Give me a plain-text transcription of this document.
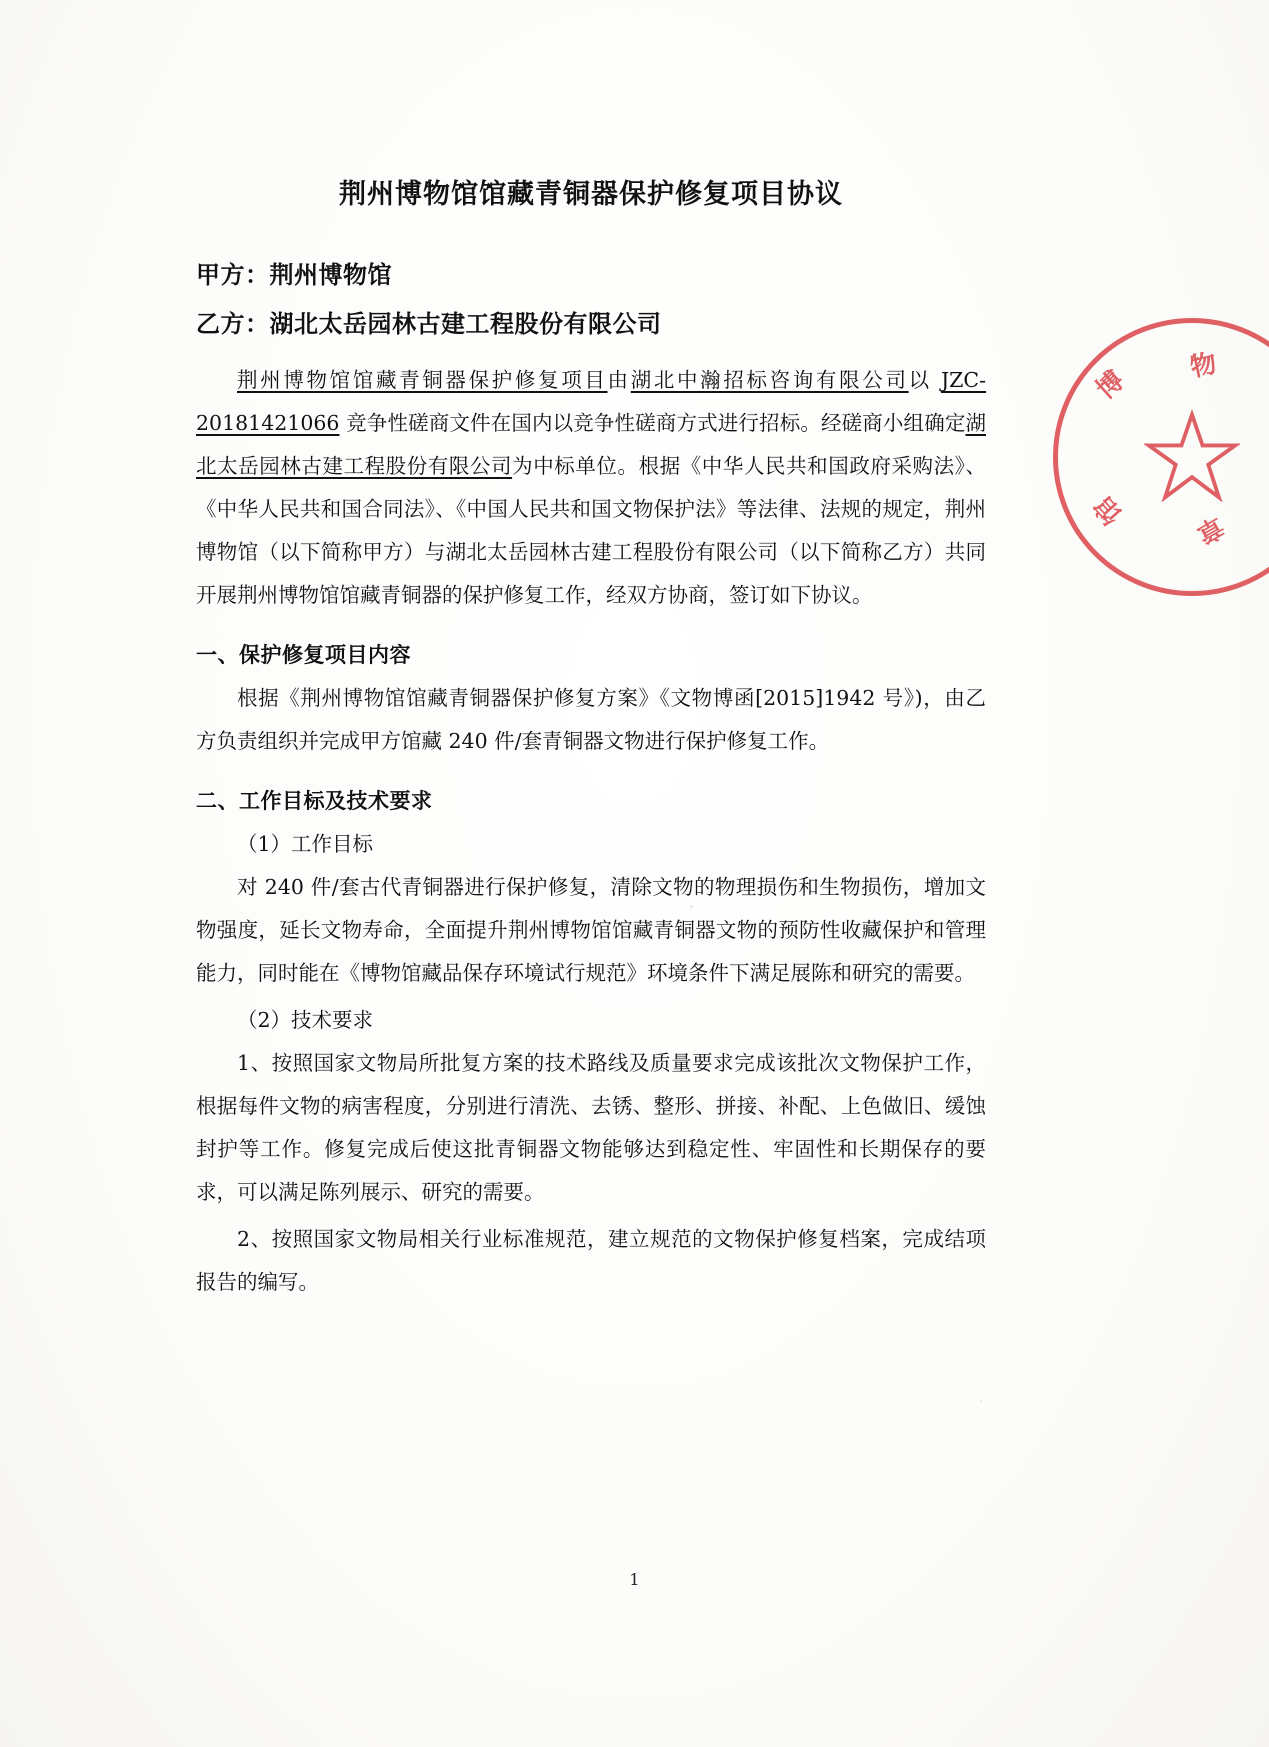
荆州博物馆馆藏青铜器保护修复项目协议
甲方：荆州博物馆
乙方：湖北太岳园林古建工程股份有限公司

荆州博物馆馆藏青铜器保护修复项目由湖北中瀚招标咨询有限公司以 JZC-20181421066 竞争性磋商文件在国内以竞争性磋商方式进行招标。经磋商小组确定湖北太岳园林古建工程股份有限公司为中标单位。根据《中华人民共和国政府采购法》、《中华人民共和国合同法》、《中国人民共和国文物保护法》等法律、法规的规定，荆州博物馆（以下简称甲方）与湖北太岳园林古建工程股份有限公司（以下简称乙方）共同开展荆州博物馆馆藏青铜器的保护修复工作，经双方协商，签订如下协议。

一、保护修复项目内容

根据《荆州博物馆馆藏青铜器保护修复方案》《文物博函[2015]1942 号》)，由乙方负责组织并完成甲方馆藏 240 件/套青铜器文物进行保护修复工作。

二、工作目标及技术要求

（1）工作目标

对 240 件/套古代青铜器进行保护修复，清除文物的物理损伤和生物损伤，增加文物强度，延长文物寿命，全面提升荆州博物馆馆藏青铜器文物的预防性收藏保护和管理能力，同时能在《博物馆藏品保存环境试行规范》环境条件下满足展陈和研究的需要。

（2）技术要求

1、按照国家文物局所批复方案的技术路线及质量要求完成该批次文物保护工作，根据每件文物的病害程度，分别进行清洗、去锈、整形、拼接、补配、上色做旧、缓蚀封护等工作。修复完成后使这批青铜器文物能够达到稳定性、牢固性和长期保存的要求，可以满足陈列展示、研究的需要。

2、按照国家文物局相关行业标准规范，建立规范的文物保护修复档案，完成结项报告的编写。

1
博 物
馆 章
